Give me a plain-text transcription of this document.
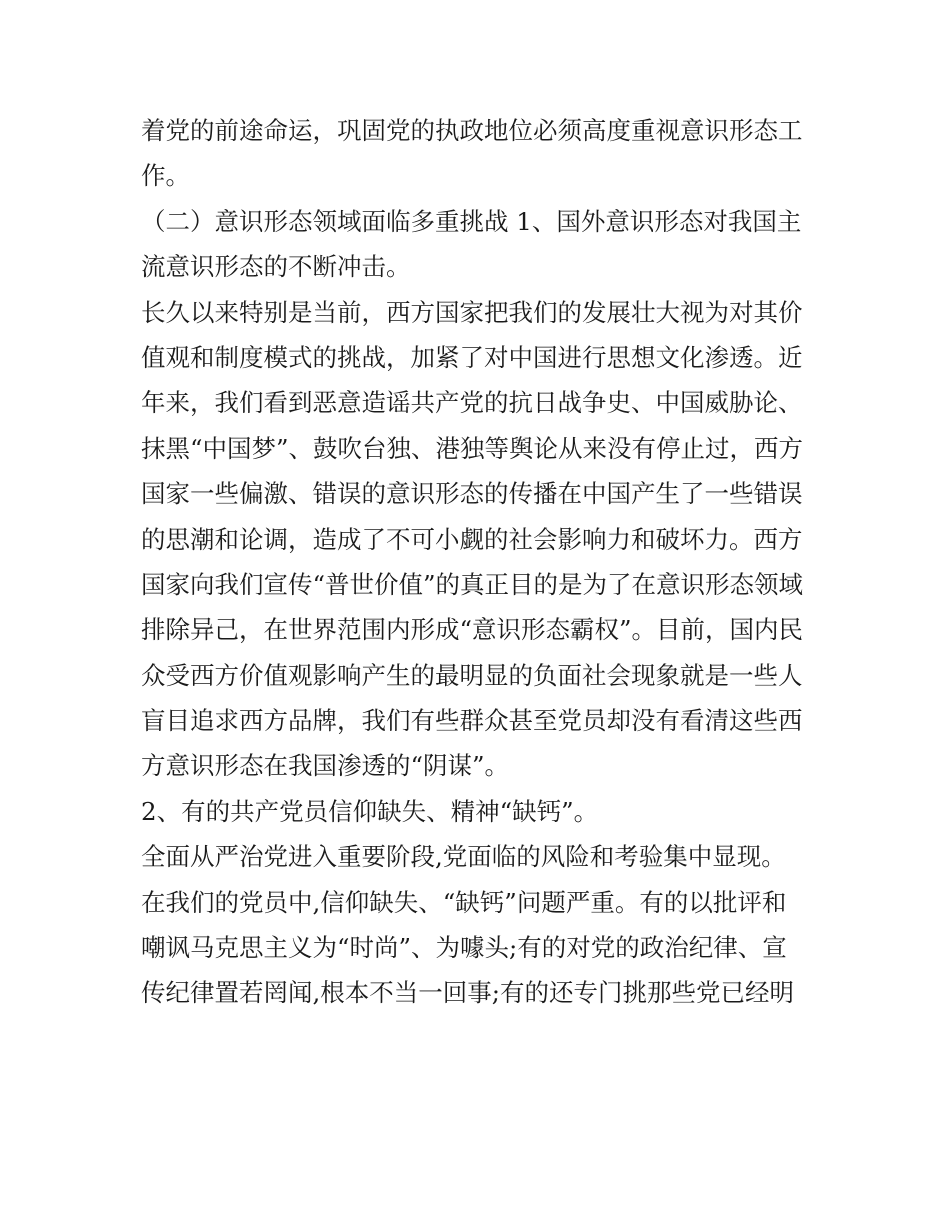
着党的前途命运，巩固党的执政地位必须高度重视意识形态工
作。
（二）意识形态领域面临多重挑战 1、国外意识形态对我国主
流意识形态的不断冲击。
长久以来特别是当前，西方国家把我们的发展壮大视为对其价
值观和制度模式的挑战，加紧了对中国进行思想文化渗透。近
年来，我们看到恶意造谣共产党的抗日战争史、中国威胁论、
抹黑“中国梦”、鼓吹台独、港独等舆论从来没有停止过，西方
国家一些偏激、错误的意识形态的传播在中国产生了一些错误
的思潮和论调，造成了不可小觑的社会影响力和破坏力。西方
国家向我们宣传“普世价值”的真正目的是为了在意识形态领域
排除异己，在世界范围内形成“意识形态霸权”。目前，国内民
众受西方价值观影响产生的最明显的负面社会现象就是一些人
盲目追求西方品牌，我们有些群众甚至党员却没有看清这些西
方意识形态在我国渗透的“阴谋”。
2、有的共产党员信仰缺失、精神“缺钙”。
全面从严治党进入重要阶段,党面临的风险和考验集中显现。
在我们的党员中,信仰缺失、“缺钙”问题严重。有的以批评和
嘲讽马克思主义为“时尚”、为噱头;有的对党的政治纪律、宣
传纪律置若罔闻,根本不当一回事;有的还专门挑那些党已经明
